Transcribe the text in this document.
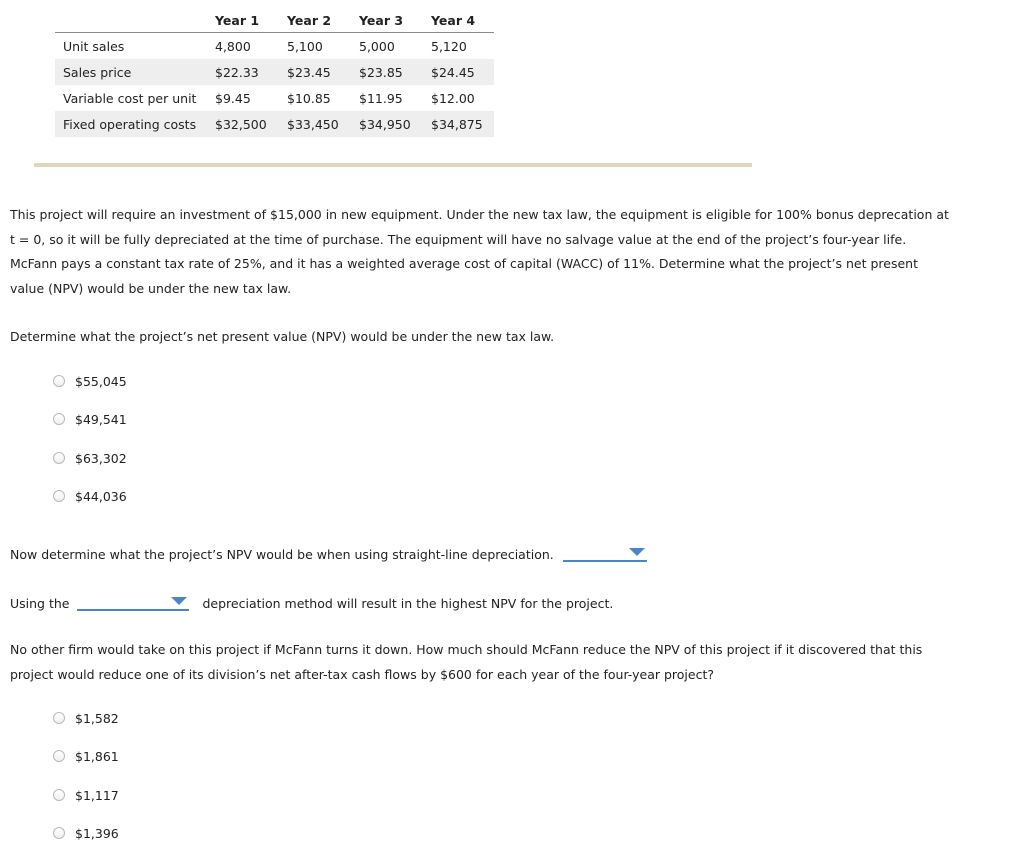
	Year 1	Year 2	Year 3	Year 4
Unit sales	4,800	5,100	5,000	5,120
Sales price	$22.33	$23.45	$23.85	$24.45
Variable cost per unit	$9.45	$10.85	$11.95	$12.00
Fixed operating costs	$32,500	$33,450	$34,950	$34,875

This project will require an investment of $15,000 in new equipment. Under the new tax law, the equipment is eligible for 100% bonus deprecation at
t = 0, so it will be fully depreciated at the time of purchase. The equipment will have no salvage value at the end of the project’s four-year life.
McFann pays a constant tax rate of 25%, and it has a weighted average cost of capital (WACC) of 11%. Determine what the project’s net present
value (NPV) would be under the new tax law.

Determine what the project’s net present value (NPV) would be under the new tax law.

$55,045
$49,541
$63,302
$44,036
Now determine what the project’s NPV would be when using straight-line depreciation.
Using the	depreciation method will result in the highest NPV for the project.

No other firm would take on this project if McFann turns it down. How much should McFann reduce the NPV of this project if it discovered that this
project would reduce one of its division’s net after-tax cash flows by $600 for each year of the four-year project?

$1,582
$1,861
$1,117
$1,396
